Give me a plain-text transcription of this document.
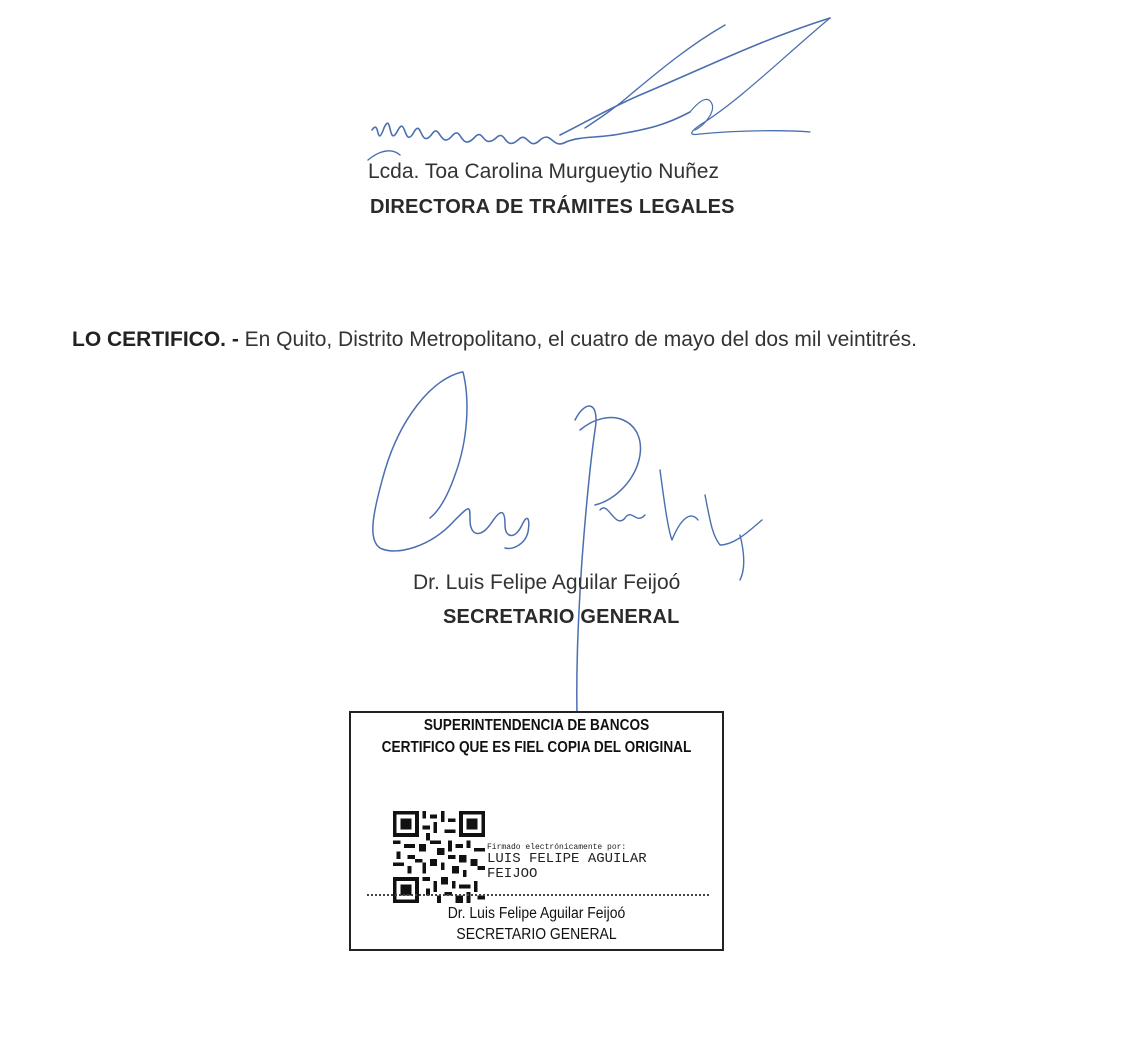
Lcda. Toa Carolina Murgueytio Nuñez
DIRECTORA DE TRÁMITES LEGALES
LO CERTIFICO. - En Quito, Distrito Metropolitano, el cuatro de mayo del dos mil veintitrés.
Dr. Luis Felipe Aguilar Feijoó
SECRETARIO GENERAL
SUPERINTENDENCIA DE BANCOS
CERTIFICO QUE ES FIEL COPIA DEL ORIGINAL
Firmado electrónicamente por:
LUIS FELIPE AGUILAR
FEIJOO
Dr. Luis Felipe Aguilar Feijoó
SECRETARIO GENERAL
